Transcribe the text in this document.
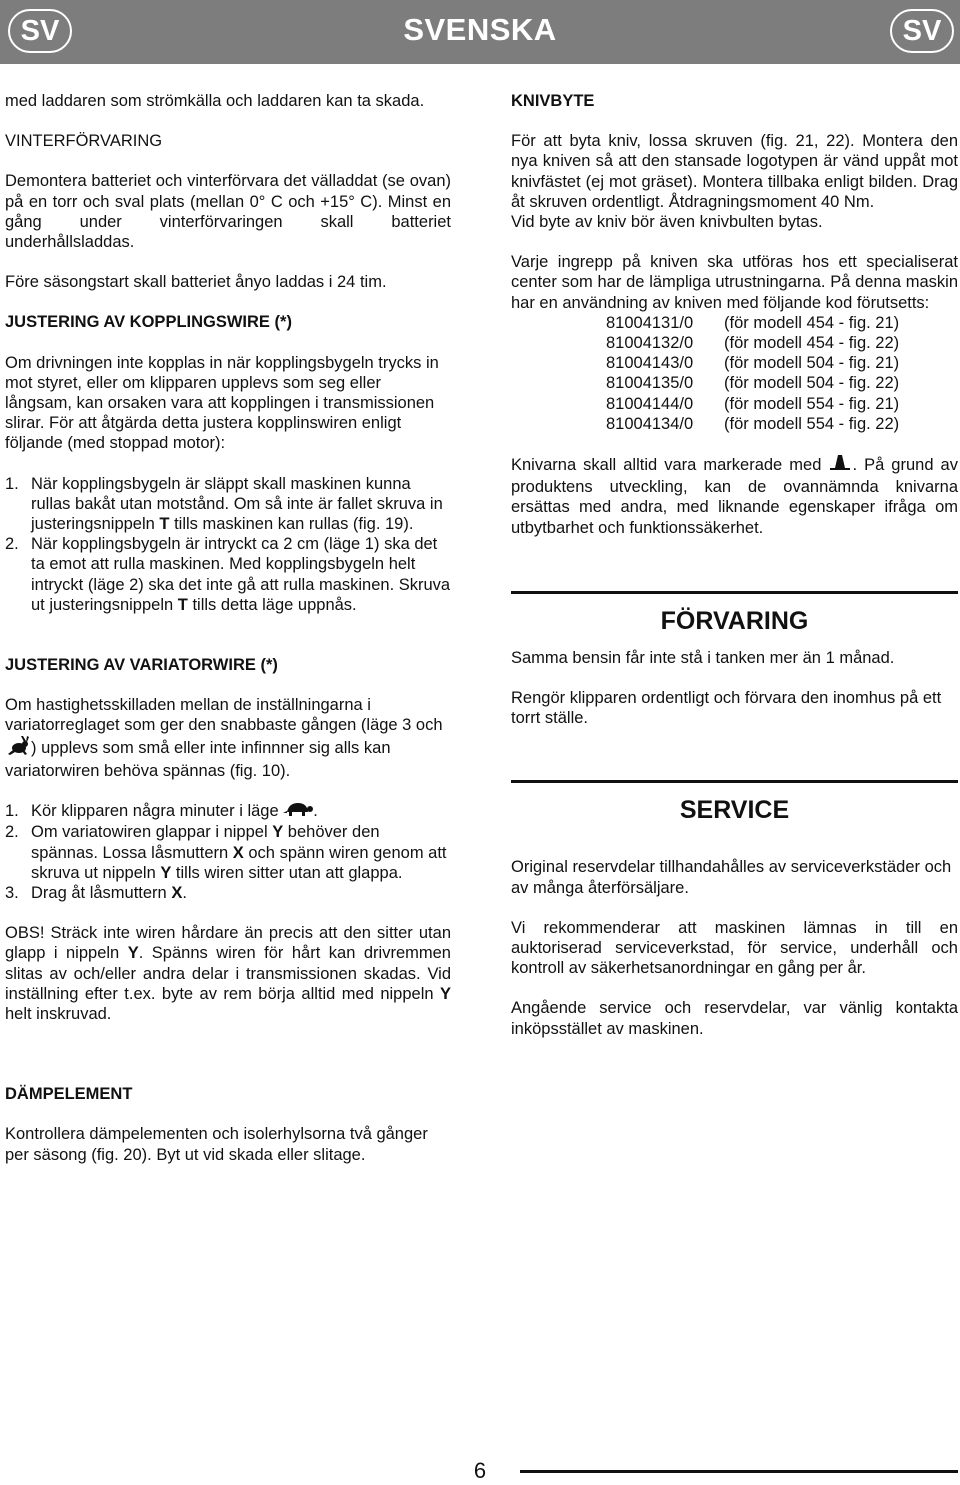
SV	SVENSKA	SV

med laddaren som strömkälla och laddaren kan ta skada.

VINTERFÖRVARING

Demontera batteriet och vinterförvara det välladdat (se ovan) på en torr och sval plats (mellan 0° C och +15° C). Minst en gång under vinterförvaringen skall batteriet underhållsladdas.

Före säsongstart skall batteriet ånyo laddas i 24 tim.

JUSTERING AV KOPPLINGSWIRE (*)

Om drivningen inte kopplas in när kopplingsbygeln trycks in mot styret, eller om klipparen upplevs som seg eller långsam, kan orsaken vara att kopplingen i transmissionen slirar. För att åtgärda detta justera kopplinswiren enligt följande (med stoppad motor):

1. När kopplingsbygeln är släppt skall maskinen kunna rullas bakåt utan motstånd. Om så inte är fallet skruva in justeringsnippeln T tills maskinen kan rullas (fig. 19).
2. När kopplingsbygeln är intryckt ca 2 cm (läge 1) ska det ta emot att rulla maskinen. Med kopplingsbygeln helt intryckt (läge 2) ska det inte gå att rulla maskinen. Skruva ut justeringsnippeln T tills detta läge uppnås.

JUSTERING AV VARIATORWIRE (*)

Om hastighetsskilladen mellan de inställningarna i variatorreglaget som ger den snabbaste gången (läge 3 och ) upplevs som små eller inte infinnner sig alls kan variatorwiren behöva spännas (fig. 10).

1. Kör klipparen några minuter i läge .
2. Om variatowiren glappar i nippel Y behöver den spännas. Lossa låsmuttern X och spänn wiren genom att skruva ut nippeln Y tills wiren sitter utan att glappa.
3. Drag åt låsmuttern X.

OBS! Sträck inte wiren hårdare än precis att den sitter utan glapp i nippeln Y. Spänns wiren för hårt kan drivremmen slitas av och/eller andra delar i transmissionen skadas. Vid inställning efter t.ex. byte av rem börja alltid med nippeln Y helt inskruvad.

DÄMPELEMENT

Kontrollera dämpelementen och isolerhylsorna två gånger per säsong (fig. 20). Byt ut vid skada eller slitage.

KNIVBYTE

För att byta kniv, lossa skruven (fig. 21, 22). Montera den nya kniven så att den stansade logotypen är vänd uppåt mot knivfästet (ej mot gräset). Montera tillbaka enligt bilden. Drag åt skruven ordentligt. Åtdragningsmoment 40 Nm.

Vid byte av kniv bör även knivbulten bytas.

Varje ingrepp på kniven ska utföras hos ett specialiserat center som har de lämpliga utrustningarna. På denna maskin har en användning av kniven med följande kod förutsetts:

81004131/0	(för modell 454 - fig. 21)
81004132/0	(för modell 454 - fig. 22)
81004143/0	(för modell 504 - fig. 21)
81004135/0	(för modell 504 - fig. 22)
81004144/0	(för modell 554 - fig. 21)
81004134/0	(för modell 554 - fig. 22)

Knivarna skall alltid vara markerade med . På grund av produktens utveckling, kan de ovannämnda knivarna ersättas med andra, med liknande egenskaper ifråga om utbytbarhet och funktionssäkerhet.

FÖRVARING

Samma bensin får inte stå i tanken mer än 1 månad.

Rengör klipparen ordentligt och förvara den inomhus på ett torrt ställe.

SERVICE

Original reservdelar tillhandahålles av serviceverkstäder och av många återförsäljare.

Vi rekommenderar att maskinen lämnas in till en auktoriserad serviceverkstad, för service, underhåll och kontroll av säkerhetsanordningar en gång per år.

Angående service och reservdelar, var vänlig kontakta inköpsstället av maskinen.

6
